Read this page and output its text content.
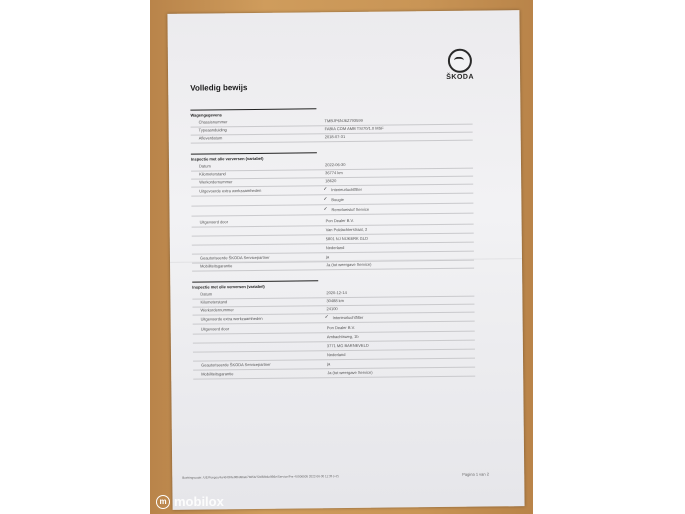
ŠKODA
Volledig bewijs
Wagengegevens
Chassisnummer	TMBJP6NJ6Z793599
Typeaanduiding	FABIA COM AMB TS/70/1.0 MSF
Afleverdatum	2018-07-31
Inspectie met olie verversen (variabel)
Datum	2022-06-30
Kilometerstand	36774 km
Werkordernummer	18620
Uitgevoerde extra werkzaamheden	✓ Interieurluchtfilter
✓ Bougie
✓ Remvloeistof Service
Uitgevoerd door	Pon Dealer B.V.
Van Poldachterstraat, 2
5801 NJ NIJKERK GLD
Nederland
Geautoriseerde ŠKODA Servicepartner	ja
Mobiliteitsgarantie	Ja (tot weergave Service)
Inspectie met olie verversen (variabel)
Datum	2020-12-14
Kilometerstand	30488 km
Werkordernummer	24100
Uitgevoerde extra werkzaamheden	✓ Interieurluchtfilter
Uitgevoerd door	Pon Dealer B.V.
Ambachtsweg, 1b
3771 MG BARNEVELD
Nederland
Geautoriseerde ŠKODA Servicepartner	ja
Mobiliteitsgarantie	Ja (tot weergave Service)
Boekingscode: /UE/Fuegoo/4a4d40f4e08bd96eb7b05b/72eB8b6e9B6e/Service/Pre 4U006005 2022-06-30 11:35 (+2)	Pagina 1 van 2
m mobilox
